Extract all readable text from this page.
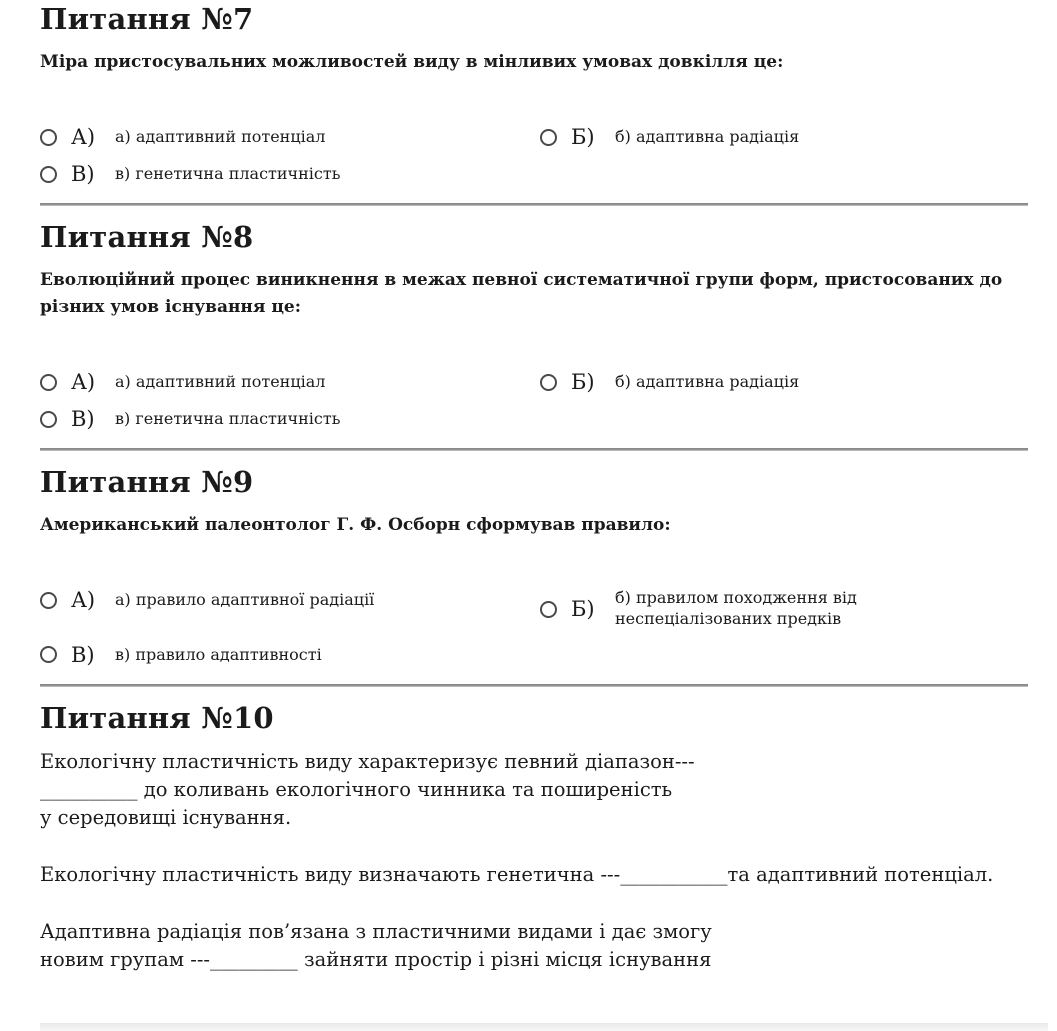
Питання №7

Міра пристосувальних можливостей виду в мінливих умовах довкілля це:

А) а) адаптивний потенціал	Б) б) адаптивна радіація
В) в) генетична пластичність
Питання №8

Еволюційний процес виникнення в межах певної систематичної групи форм, пристосованих до різних умов існування це:

А) а) адаптивний потенціал	Б) б) адаптивна радіація
В) в) генетична пластичність
Питання №9

Американський палеонтолог Г. Ф. Осборн сформував правило:

А) а) правило адаптивної радіації	Б) б) правилом походження від неспеціалізованих предків
В) в) правило адаптивності
Питання №10
Екологічну пластичність виду характеризує певний діапазон---
__________ до коливань екологічного чинника та поширеність
у середовищі існування.
Екологічну пластичність виду визначають генетична ---___________та адаптивний потенціал.
Адаптивна радіація пов’язана з пластичними видами і дає змогу
новим групам ---_________ зайняти простір і різні місця існування
